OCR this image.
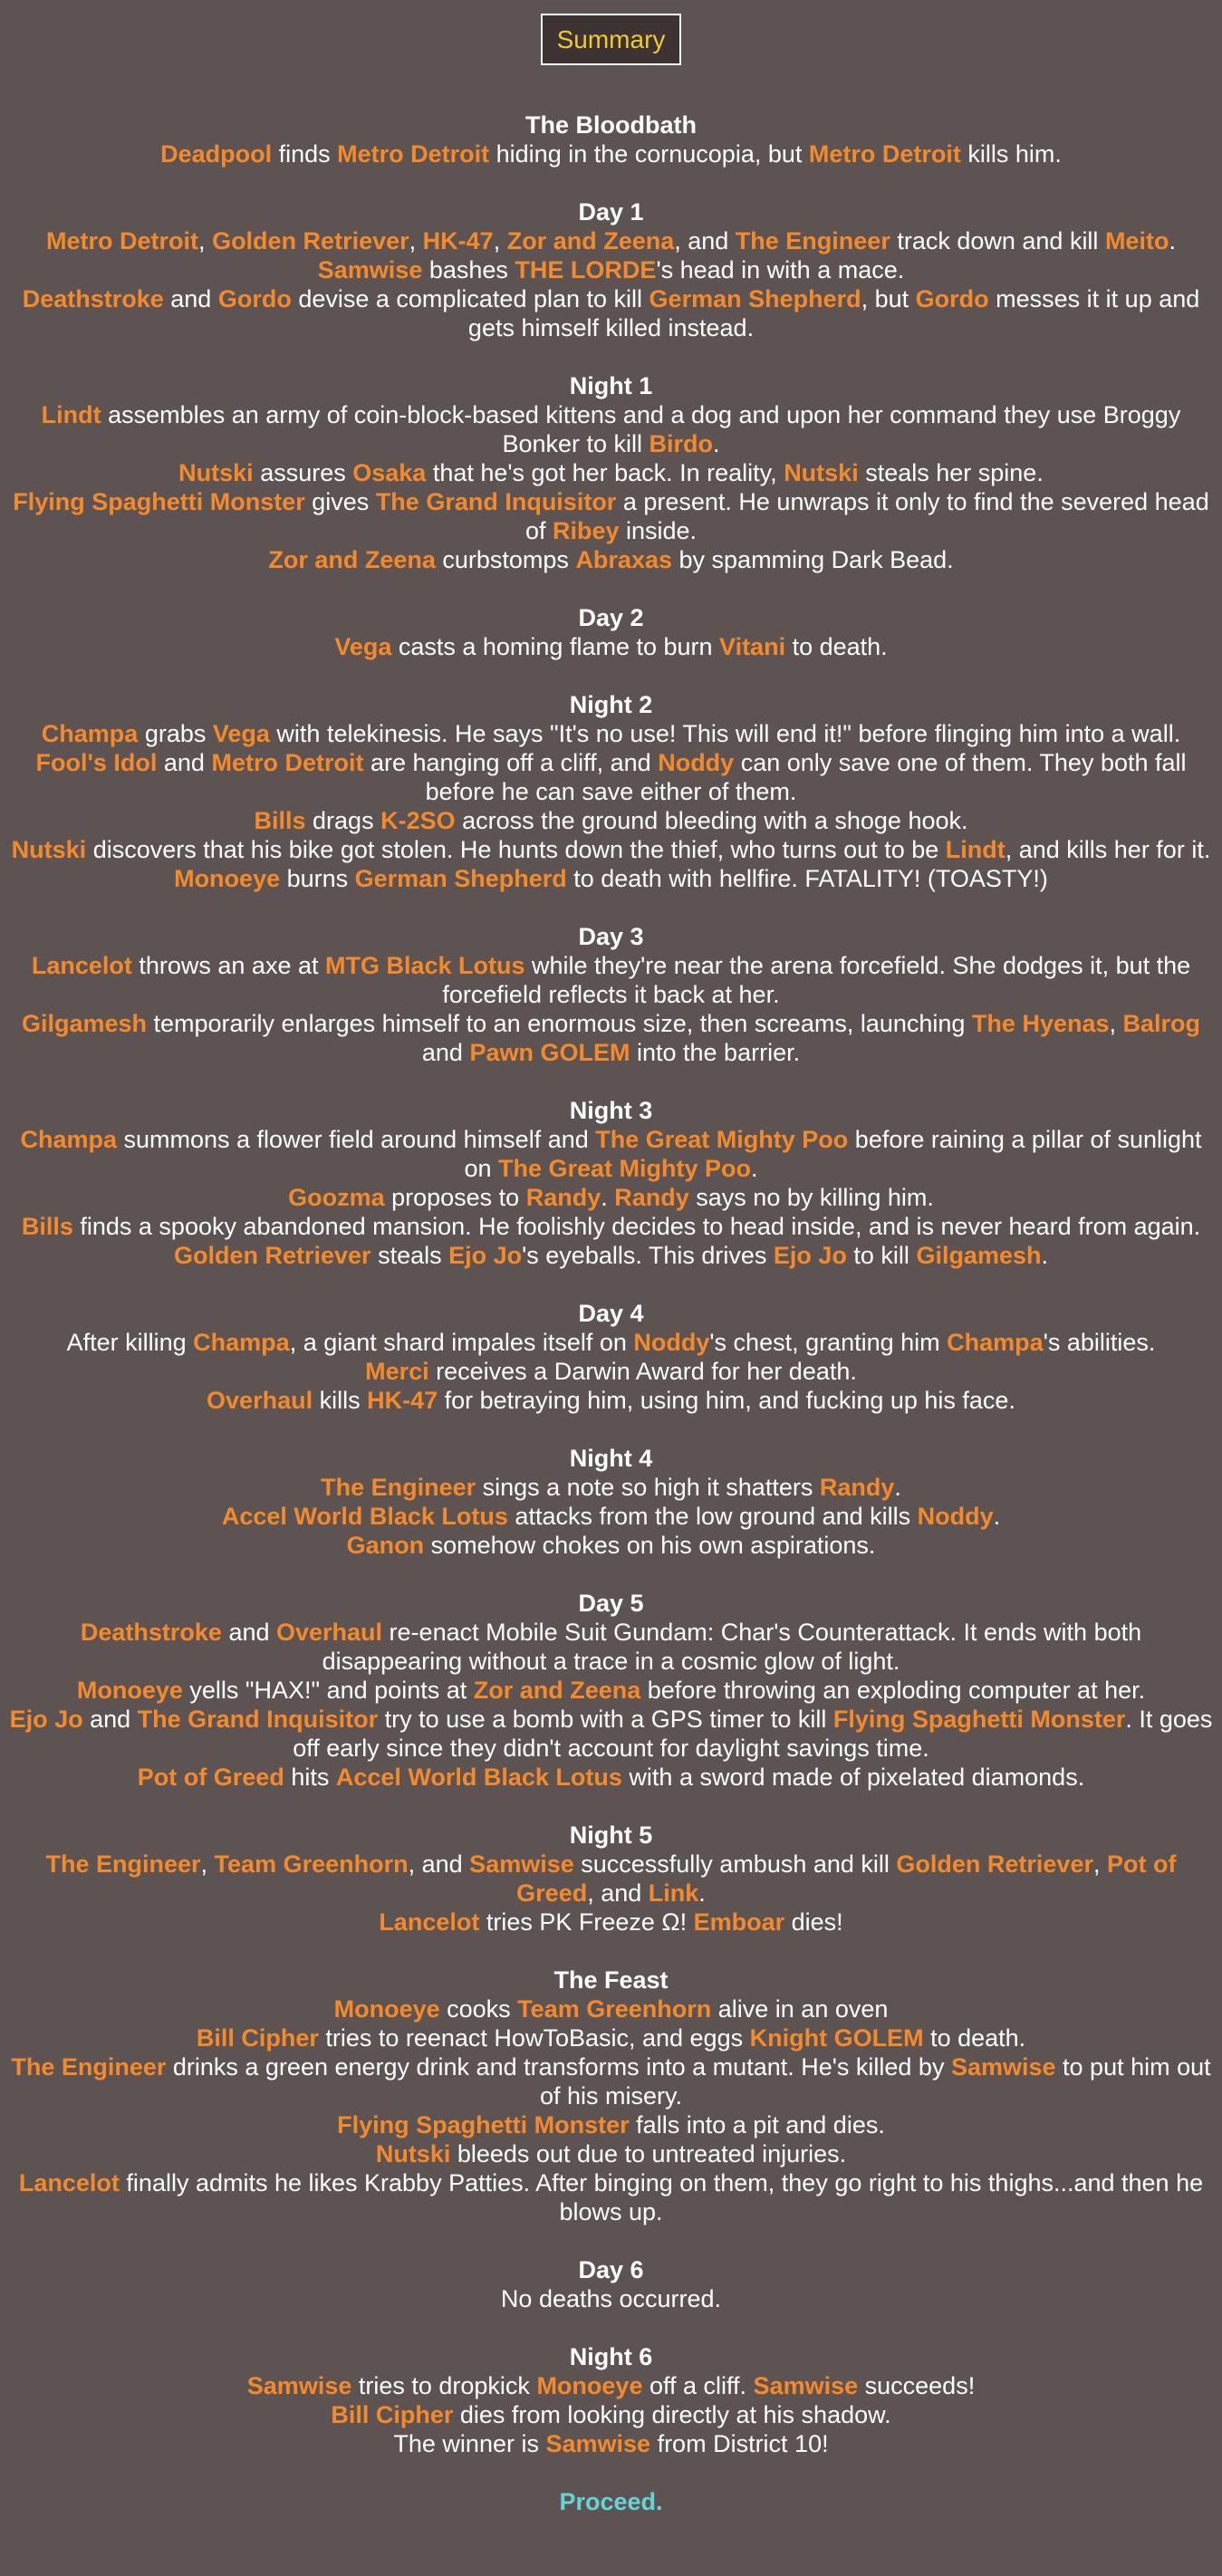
Summary
The Bloodbath
Deadpool finds Metro Detroit hiding in the cornucopia, but Metro Detroit kills him.
Day 1
Metro Detroit, Golden Retriever, HK-47, Zor and Zeena, and The Engineer track down and kill Meito.
Samwise bashes THE LORDE's head in with a mace.
Deathstroke and Gordo devise a complicated plan to kill German Shepherd, but Gordo messes it it up and gets himself killed instead.
Night 1
Lindt assembles an army of coin-block-based kittens and a dog and upon her command they use Broggy Bonker to kill Birdo.
Nutski assures Osaka that he's got her back. In reality, Nutski steals her spine.
Flying Spaghetti Monster gives The Grand Inquisitor a present. He unwraps it only to find the severed head of Ribey inside.
Zor and Zeena curbstomps Abraxas by spamming Dark Bead.
Day 2
Vega casts a homing flame to burn Vitani to death.
Night 2
Champa grabs Vega with telekinesis. He says "It's no use! This will end it!" before flinging him into a wall.
Fool's Idol and Metro Detroit are hanging off a cliff, and Noddy can only save one of them. They both fall before he can save either of them.
Bills drags K-2SO across the ground bleeding with a shoge hook.
Nutski discovers that his bike got stolen. He hunts down the thief, who turns out to be Lindt, and kills her for it.
Monoeye burns German Shepherd to death with hellfire. FATALITY! (TOASTY!)
Day 3
Lancelot throws an axe at MTG Black Lotus while they're near the arena forcefield. She dodges it, but the forcefield reflects it back at her.
Gilgamesh temporarily enlarges himself to an enormous size, then screams, launching The Hyenas, Balrog and Pawn GOLEM into the barrier.
Night 3
Champa summons a flower field around himself and The Great Mighty Poo before raining a pillar of sunlight on The Great Mighty Poo.
Goozma proposes to Randy. Randy says no by killing him.
Bills finds a spooky abandoned mansion. He foolishly decides to head inside, and is never heard from again.
Golden Retriever steals Ejo Jo's eyeballs. This drives Ejo Jo to kill Gilgamesh.
Day 4
After killing Champa, a giant shard impales itself on Noddy's chest, granting him Champa's abilities.
Merci receives a Darwin Award for her death.
Overhaul kills HK-47 for betraying him, using him, and fucking up his face.
Night 4
The Engineer sings a note so high it shatters Randy.
Accel World Black Lotus attacks from the low ground and kills Noddy.
Ganon somehow chokes on his own aspirations.
Day 5
Deathstroke and Overhaul re-enact Mobile Suit Gundam: Char's Counterattack. It ends with both disappearing without a trace in a cosmic glow of light.
Monoeye yells "HAX!" and points at Zor and Zeena before throwing an exploding computer at her.
Ejo Jo and The Grand Inquisitor try to use a bomb with a GPS timer to kill Flying Spaghetti Monster. It goes off early since they didn't account for daylight savings time.
Pot of Greed hits Accel World Black Lotus with a sword made of pixelated diamonds.
Night 5
The Engineer, Team Greenhorn, and Samwise successfully ambush and kill Golden Retriever, Pot of Greed, and Link.
Lancelot tries PK Freeze Ω! Emboar dies!
The Feast
Monoeye cooks Team Greenhorn alive in an oven
Bill Cipher tries to reenact HowToBasic, and eggs Knight GOLEM to death.
The Engineer drinks a green energy drink and transforms into a mutant. He's killed by Samwise to put him out of his misery.
Flying Spaghetti Monster falls into a pit and dies.
Nutski bleeds out due to untreated injuries.
Lancelot finally admits he likes Krabby Patties. After binging on them, they go right to his thighs...and then he blows up.
Day 6
No deaths occurred.
Night 6
Samwise tries to dropkick Monoeye off a cliff. Samwise succeeds!
Bill Cipher dies from looking directly at his shadow.
The winner is Samwise from District 10!
Proceed.
